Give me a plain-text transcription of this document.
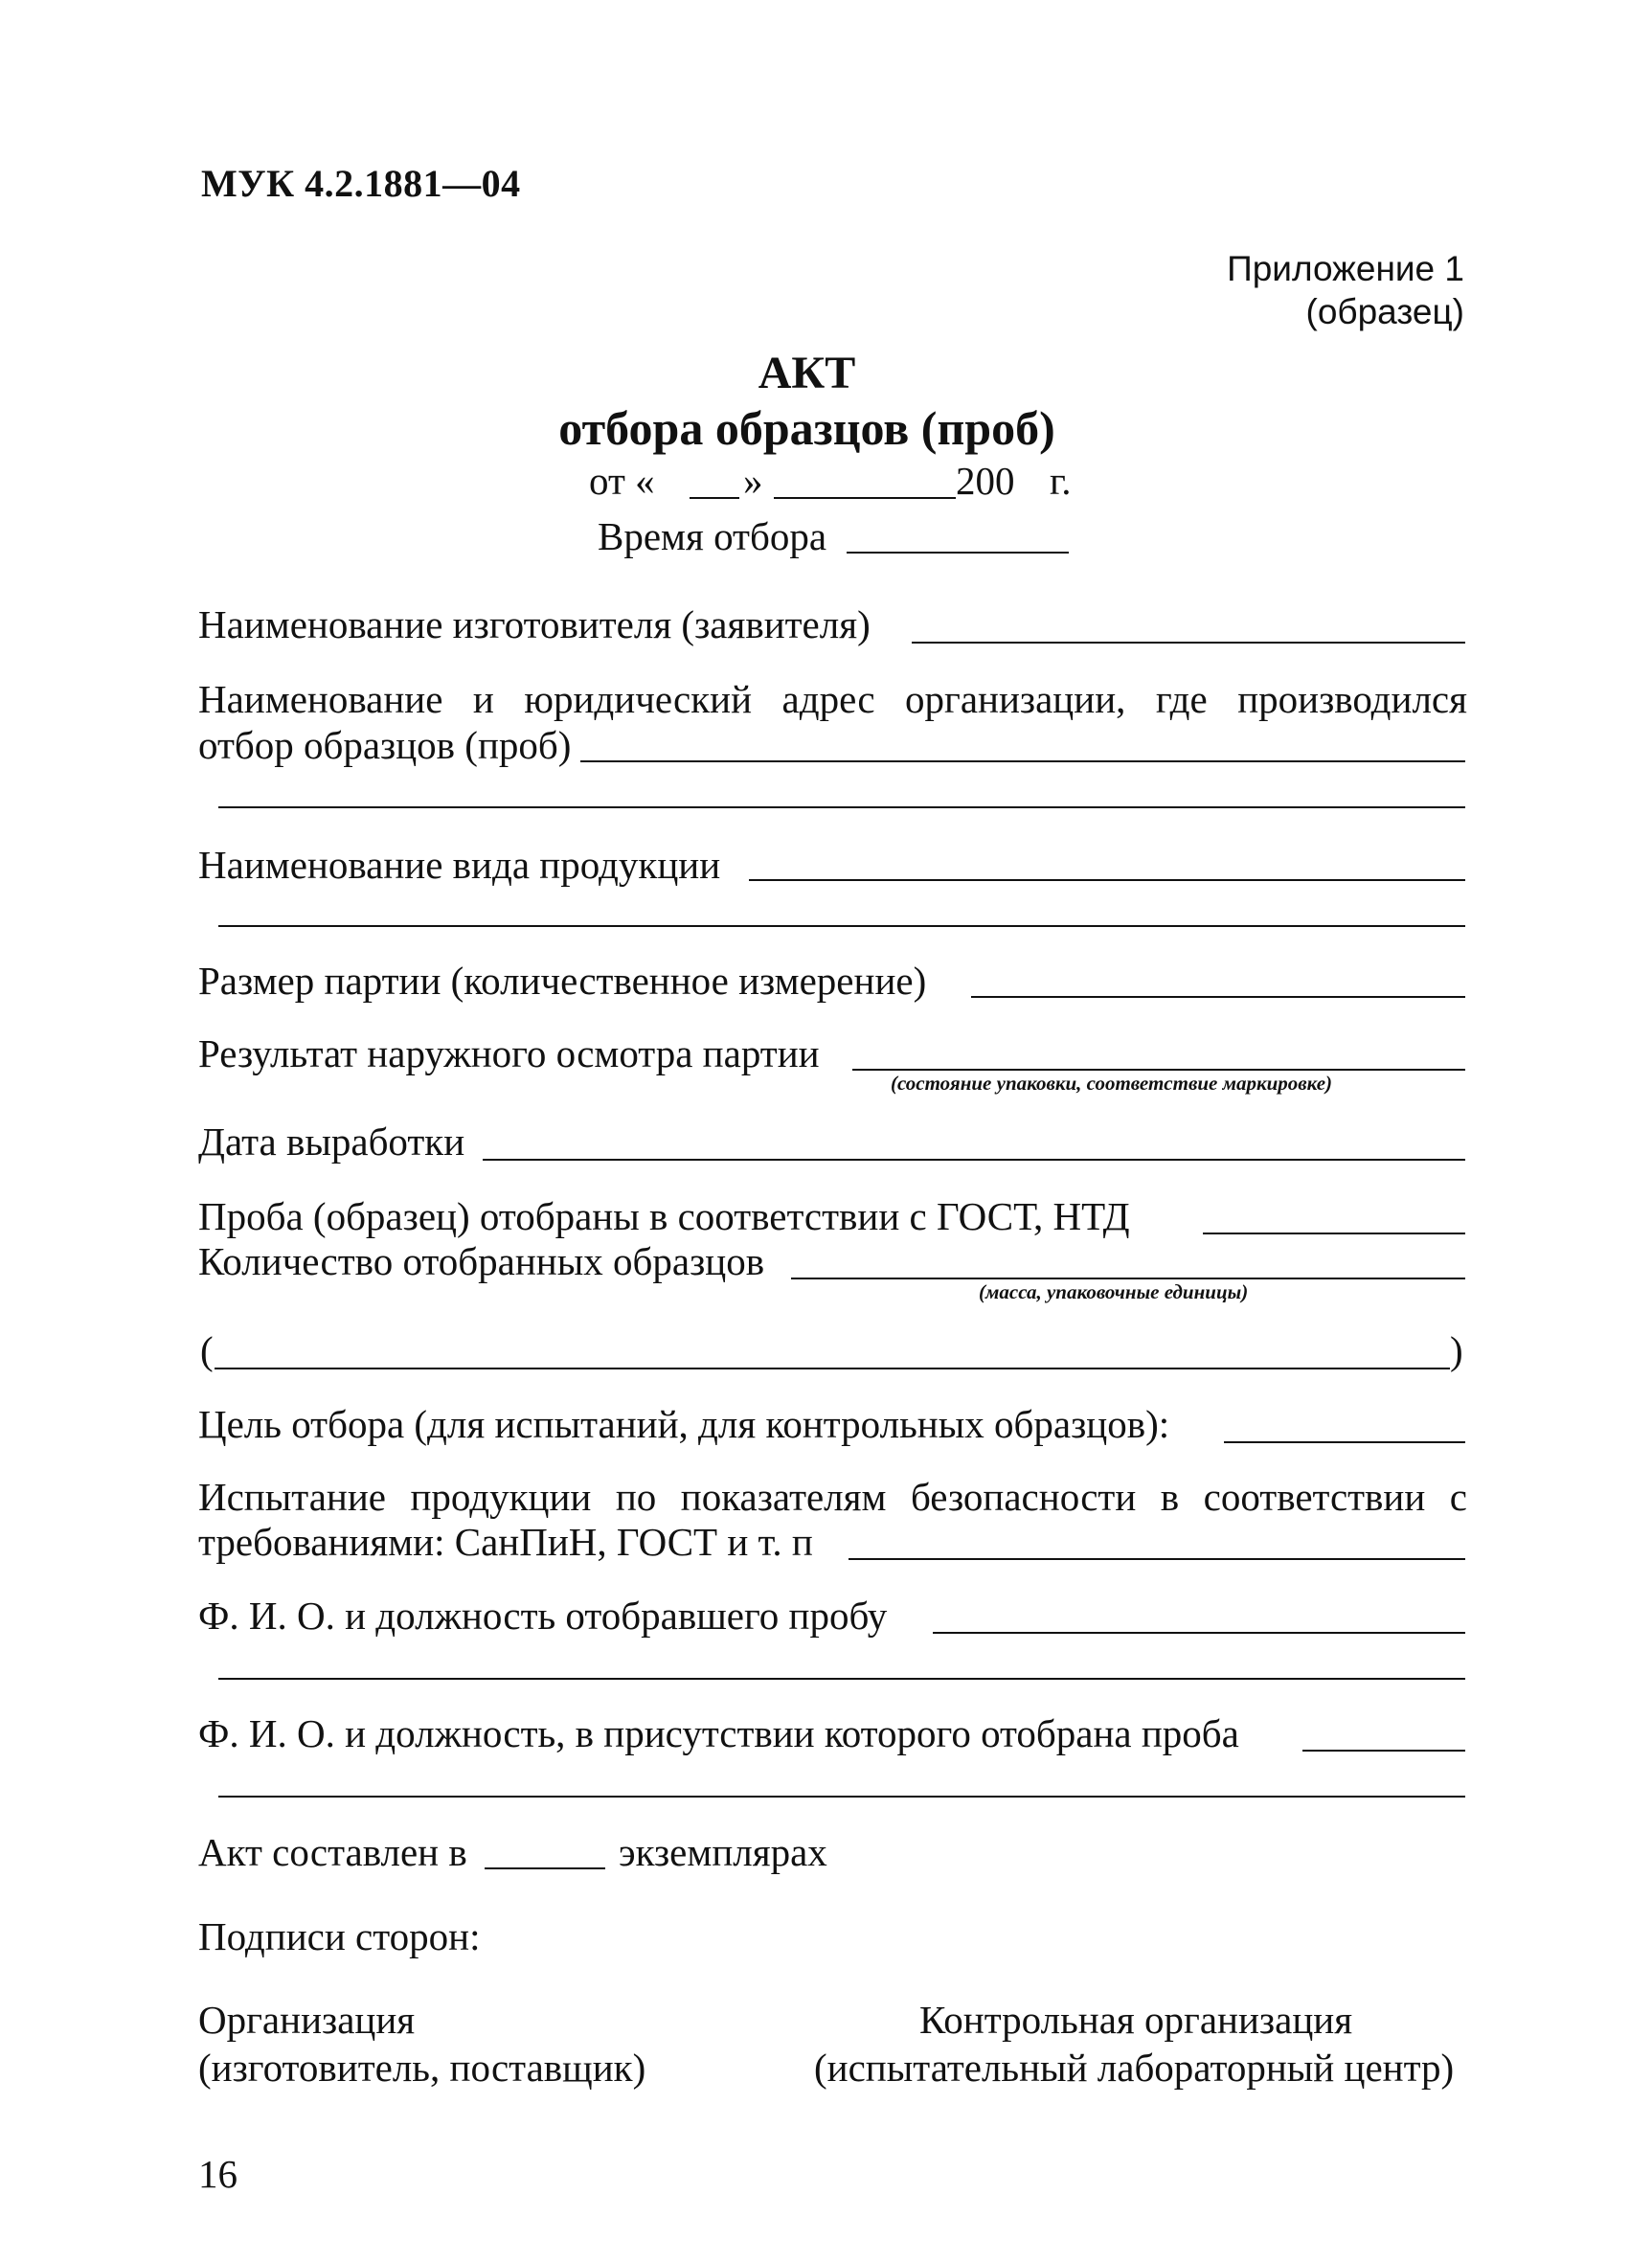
МУК 4.2.1881—04
Приложение 1
(образец)
АКТ
отбора образцов (проб)
от « »	200 г.
Время отбора
Наименование изготовителя (заявителя)
Наименование и юридический адрес организации, где производился
отбор образцов (проб)
Наименование вида продукции
Размер партии (количественное измерение)
Результат наружного осмотра партии
(состояние упаковки, соответствие маркировке)
Дата выработки
Проба (образец) отобраны в соответствии с ГОСТ, НТД
Количество отобранных образцов
(масса, упаковочные единицы)
(	)
Цель отбора (для испытаний, для контрольных образцов):
Испытание продукции по показателям безопасности в соответствии с
требованиями: СанПиН, ГОСТ и т. п
Ф. И. О. и должность отобравшего пробу
Ф. И. О. и должность, в присутствии которого отобрана проба
Акт составлен в	экземплярах
Подписи сторон:
Организация
(изготовитель, поставщик)
Контрольная организация
(испытательный лабораторный центр)
16
